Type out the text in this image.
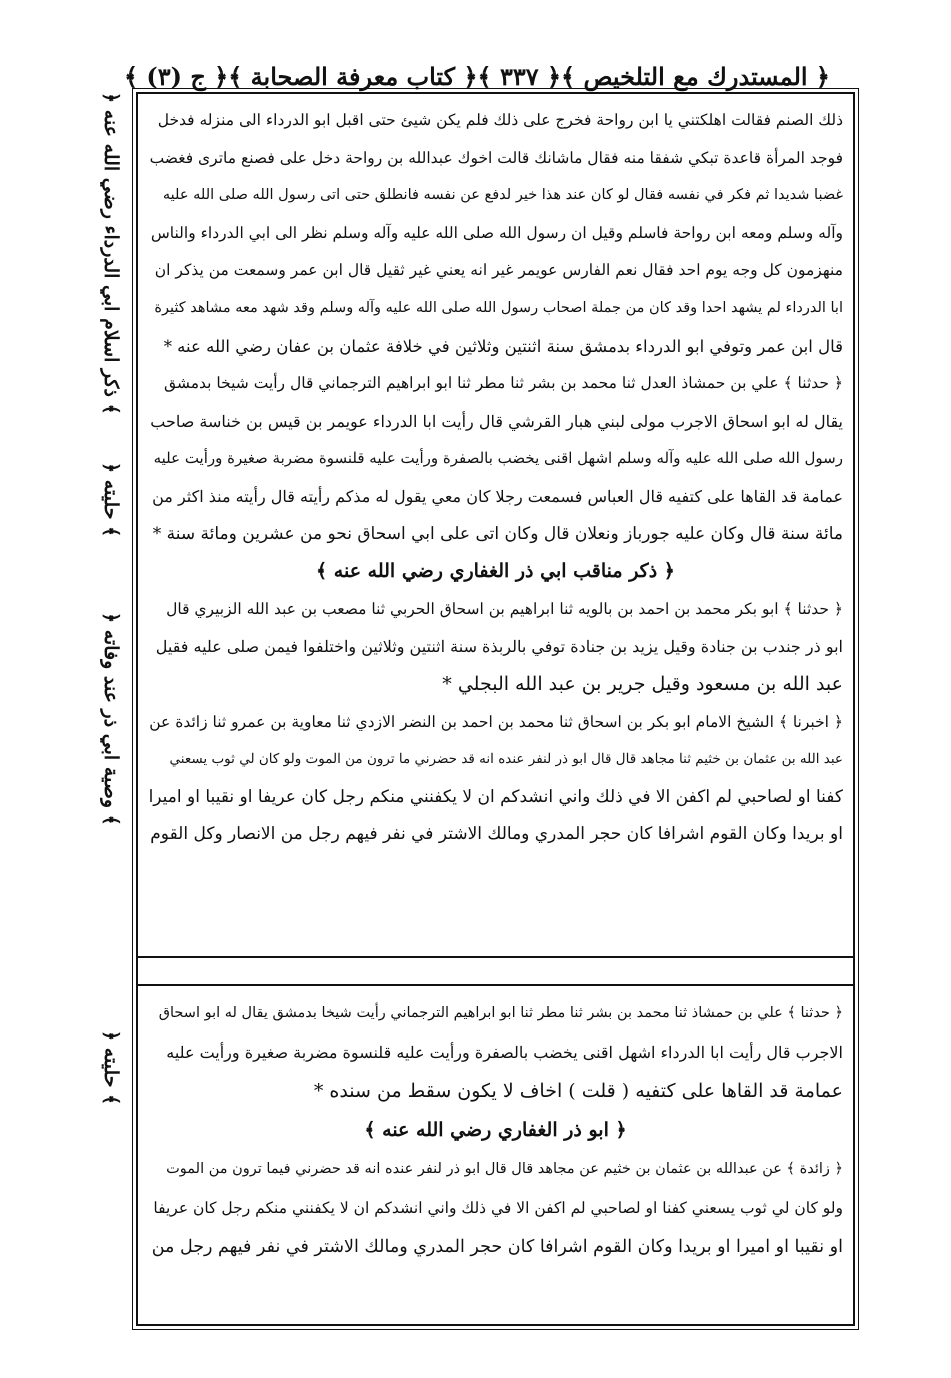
﴿ المستدرك مع التلخيص ﴾
﴿ ٣٣٧ ﴾
﴿ كتاب معرفة الصحابة ﴾
﴿ ج (٣) ﴾
﴿ ذكر اسلام ابي الدرداء رضي الله عنه ﴾
﴿ حليته ﴾
﴿ وصية ابي ذر عند وفاته ﴾
﴿ حليته ﴾
ذلك الصنم فقالت اهلكتني يا ابن رواحة فخرج على ذلك فلم يكن شيئ حتى اقبل ابو الدرداء الى منزله فدخل
فوجد المرأة قاعدة تبكي شفقا منه فقال ماشانك قالت اخوك عبدالله بن رواحة دخل على فصنع ماترى فغضب
غضبا شديدا ثم فكر في نفسه فقال لو كان عند هذا خير لدفع عن نفسه فانطلق حتى اتى رسول الله صلى الله عليه
وآله وسلم ومعه ابن رواحة فاسلم وقيل ان رسول الله صلى الله عليه وآله وسلم نظر الى ابي الدرداء والناس
منهزمون كل وجه يوم احد فقال نعم الفارس عويمر غير انه يعني غير ثقيل قال ابن عمر وسمعت من يذكر ان
ابا الدرداء لم يشهد احدا وقد كان من جملة اصحاب رسول الله صلى الله عليه وآله وسلم وقد شهد معه مشاهد كثيرة
قال ابن عمر وتوفي ابو الدرداء بدمشق سنة اثنتين وثلاثين في خلافة عثمان بن عفان رضي الله عنه *
﴿ حدثنا ﴾ علي بن حمشاذ العدل ثنا محمد بن بشر ثنا مطر ثنا ابو ابراهيم الترجماني قال رأيت شيخا بدمشق
يقال له ابو اسحاق الاجرب مولى لبني هبار القرشي قال رأيت ابا الدرداء عويمر بن قيس بن خناسة صاحب
رسول الله صلى الله عليه وآله وسلم اشهل اقنى يخضب بالصفرة ورأيت عليه قلنسوة مضربة صغيرة ورأيت عليه
عمامة قد القاها على كتفيه قال العباس فسمعت رجلا كان معي يقول له مذكم رأيته قال رأيته منذ اكثر من
مائة سنة قال وكان عليه جورباز ونعلان قال وكان اتى على ابي اسحاق نحو من عشرين ومائة سنة *
﴿ ذكر مناقب ابي ذر الغفاري رضي الله عنه ﴾
﴿ حدثنا ﴾ ابو بكر محمد بن احمد بن بالويه ثنا ابراهيم بن اسحاق الحربي ثنا مصعب بن عبد الله الزبيري قال
ابو ذر جندب بن جنادة وقيل يزيد بن جنادة توفي بالربذة سنة اثنتين وثلاثين واختلفوا فيمن صلى عليه فقيل
عبد الله بن مسعود وقيل جرير بن عبد الله البجلي *
﴿ اخبرنا ﴾ الشيخ الامام ابو بكر بن اسحاق ثنا محمد بن احمد بن النضر الازدي ثنا معاوية بن عمرو ثنا زائدة عن
عبد الله بن عثمان بن خثيم ثنا مجاهد قال قال ابو ذر لنفر عنده انه قد حضرني ما ترون من الموت ولو كان لي ثوب يسعني
كفنا او لصاحبي لم اكفن الا في ذلك واني انشدكم ان لا يكفنني منكم رجل كان عريفا او نقيبا او اميرا
او بريدا وكان القوم اشرافا كان حجر المدري ومالك الاشتر في نفر فيهم رجل من الانصار وكل القوم
﴿ حدثنا ﴾ علي بن حمشاذ ثنا محمد بن بشر ثنا مطر ثنا ابو ابراهيم الترجماني رأيت شيخا بدمشق يقال له ابو اسحاق
الاجرب قال رأيت ابا الدرداء اشهل اقنى يخضب بالصفرة ورأيت عليه قلنسوة مضربة صغيرة ورأيت عليه
عمامة قد القاها على كتفيه ( قلت ) اخاف لا يكون سقط من سنده *
﴿ ابو ذر الغفاري رضي الله عنه ﴾
﴿ زائدة ﴾ عن عبدالله بن عثمان بن خثيم عن مجاهد قال قال ابو ذر لنفر عنده انه قد حضرني فيما ترون من الموت
ولو كان لي ثوب يسعني كفنا او لصاحبي لم اكفن الا في ذلك واني انشدكم ان لا يكفنني منكم رجل كان عريفا
او نقيبا او اميرا او بريدا وكان القوم اشرافا كان حجر المدري ومالك الاشتر في نفر فيهم رجل من
